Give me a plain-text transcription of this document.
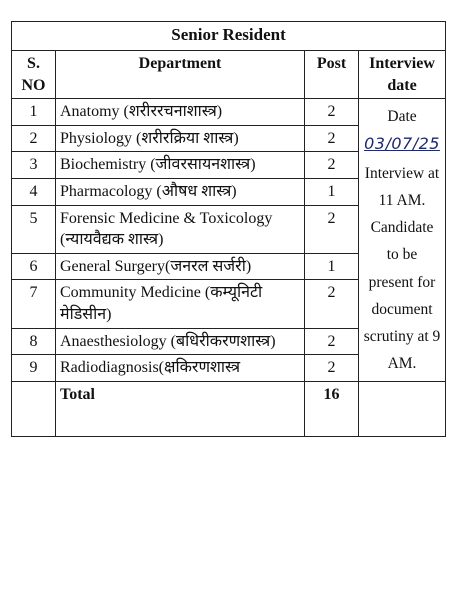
Senior Resident			
S. NO	Department	Post	Interview date
1	Anatomy (शरीररचनाशास्त्र)	2	Date
03/07/25
Interview at 11 AM. Candidate to be present for document scrutiny at 9 AM.

2	Physiology (शरीरक्रिया शास्त्र)	2	
3	Biochemistry (जीवरसायनशास्त्र)	2	
4	Pharmacology (औषध शास्त्र)	1	
5	Forensic Medicine & Toxicology (न्यायवैद्यक शास्त्र)	2	
6	General Surgery(जनरल सर्जरी)	1	
7	Community Medicine (कम्यूनिटी मेडिसीन)	2	
8	Anaesthesiology (बधिरीकरणशास्त्र)	2	
9	Radiodiagnosis(क्षकिरणशास्त्र	2	
	Total	16	
